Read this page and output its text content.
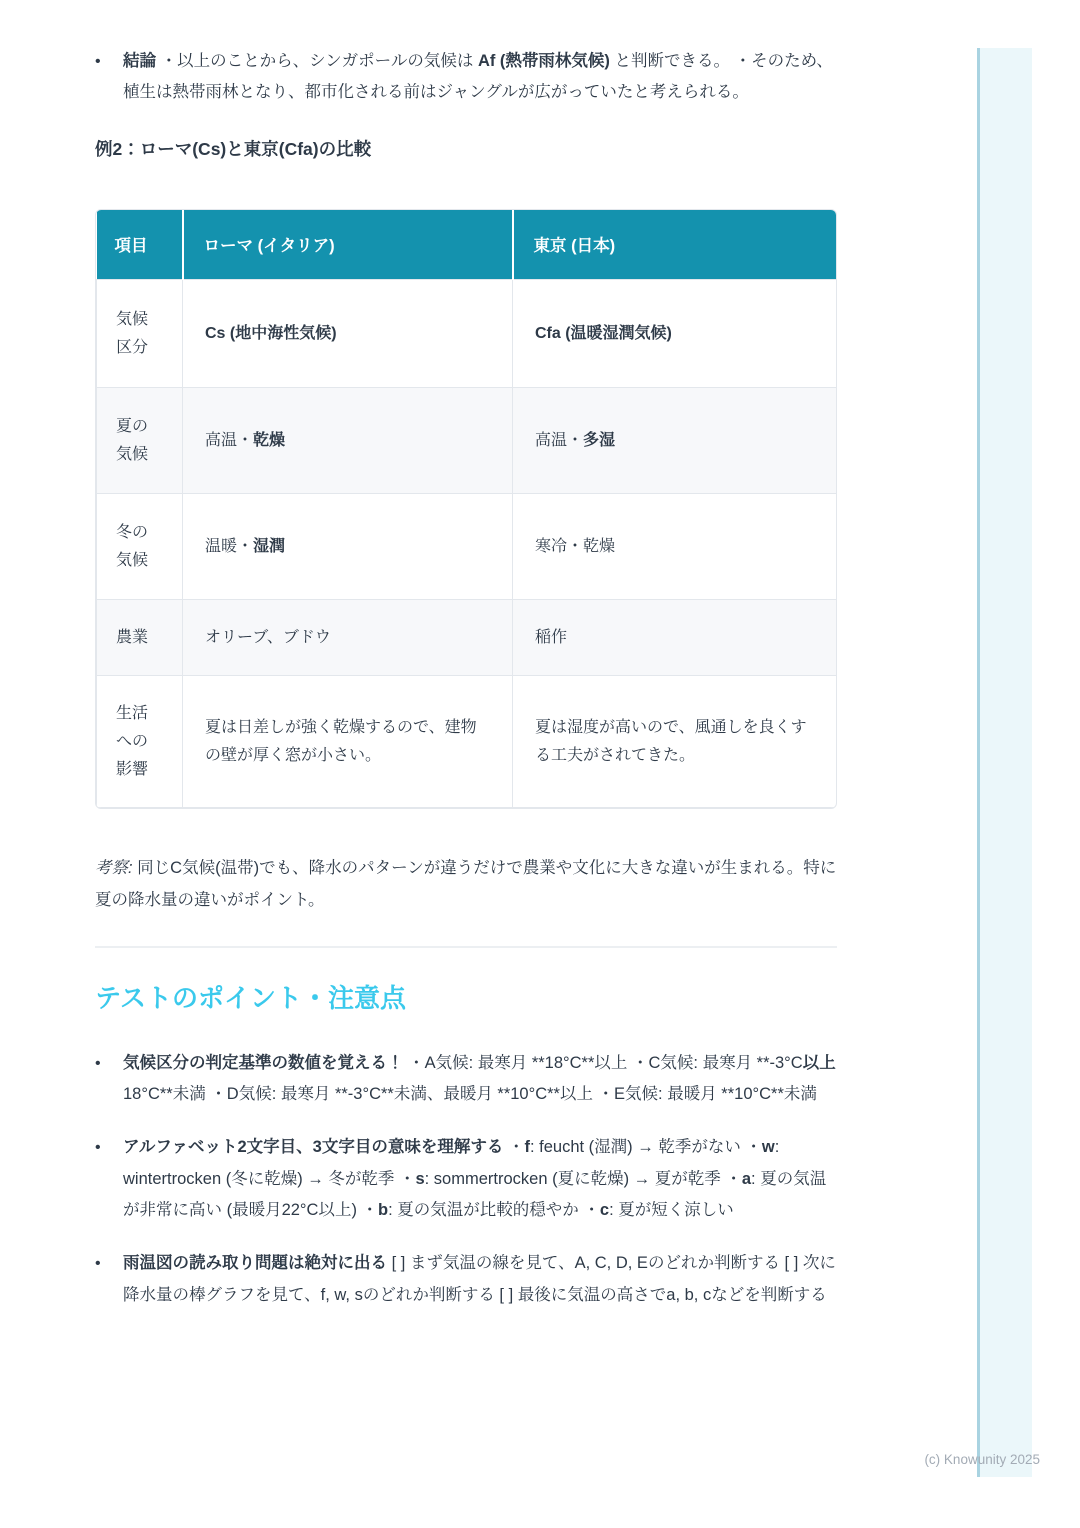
•	結論 ・以上のことから、シンガポールの気候は Af (熱帯雨林気候) と判断できる。 ・そのため、植生は熱帯雨林となり、都市化される前はジャングルが広がっていたと考えられる。
例2：ローマ(Cs)と東京(Cfa)の比較
項目	ローマ (イタリア)	東京 (日本)
気候区分	Cs (地中海性気候)	Cfa (温暖湿潤気候)
夏の気候	高温・乾燥	高温・多湿
冬の気候	温暖・湿潤	寒冷・乾燥
農業	オリーブ、ブドウ	稲作
生活への影響	夏は日差しが強く乾燥するので、建物の壁が厚く窓が小さい。	夏は湿度が高いので、風通しを良くする工夫がされてきた。

考察: 同じC気候(温帯)でも、降水のパターンが違うだけで農業や文化に大きな違いが生まれる。特に夏の降水量の違いがポイント。

テストのポイント・注意点
•	気候区分の判定基準の数値を覚える！ ・A気候: 最寒月 **18°C**以上 ・C気候: 最寒月 **-3°C以上18°C**未満 ・D気候: 最寒月 **-3°C**未満、最暖月 **10°C**以上 ・E気候: 最暖月 **10°C**未満
•	アルファベット2文字目、3文字目の意味を理解する ・f: feucht (湿潤) → 乾季がない ・w: wintertrocken (冬に乾燥) → 冬が乾季 ・s: sommertrocken (夏に乾燥) → 夏が乾季 ・a: 夏の気温が非常に高い (最暖月22°C以上) ・b: 夏の気温が比較的穏やか ・c: 夏が短く涼しい
•	雨温図の読み取り問題は絶対に出る [ ] まず気温の線を見て、A, C, D, Eのどれか判断する [ ] 次に降水量の棒グラフを見て、f, w, sのどれか判断する [ ] 最後に気温の高さでa, b, cなどを判断する
(c) Knowunity 2025
